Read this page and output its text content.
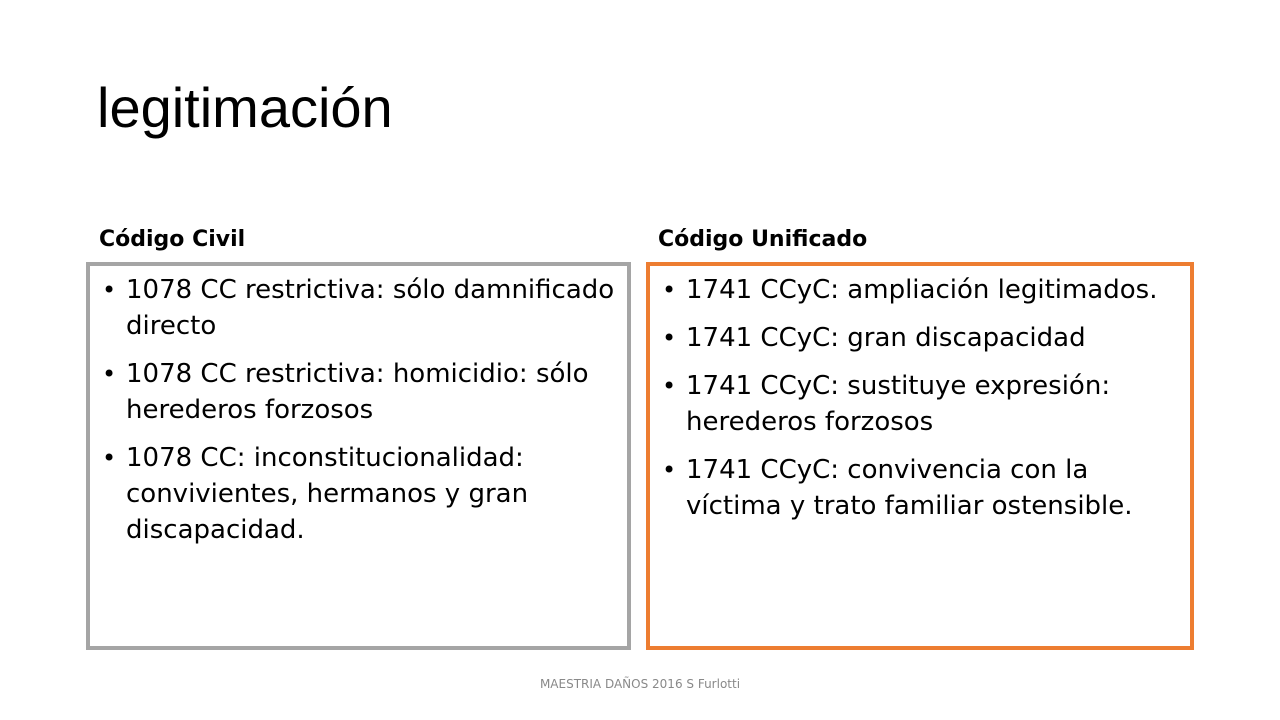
legitimación
Código Civil	Código Unificado
• 1078 CC restrictiva: sólo damnificado directo
• 1078 CC restrictiva: homicidio: sólo herederos forzosos
• 1078 CC: inconstitucionalidad: convivientes, hermanos y gran discapacidad.
• 1741 CCyC: ampliación legitimados.
• 1741 CCyC: gran discapacidad
• 1741 CCyC: sustituye expresión: herederos forzosos
• 1741 CCyC: convivencia con la víctima y trato familiar ostensible.
MAESTRIA DAÑOS 2016 S Furlotti
